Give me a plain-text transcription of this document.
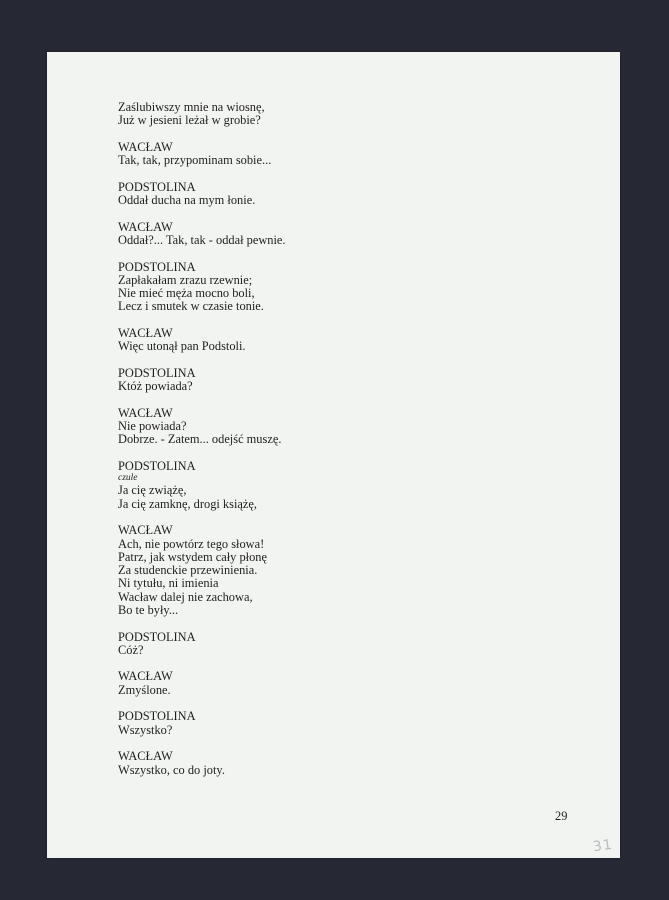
Zaślubiwszy mnie na wiosnę,
Już w jesieni leżał w grobie?
WACŁAW
Tak, tak, przypominam sobie...
PODSTOLINA
Oddał ducha na mym łonie.
WACŁAW
Oddał?... Tak, tak - oddał pewnie.
PODSTOLINA
Zapłakałam zrazu rzewnie;
Nie mieć męża mocno boli,
Lecz i smutek w czasie tonie.
WACŁAW
Więc utonął pan Podstoli.
PODSTOLINA
Któż powiada?
WACŁAW
Nie powiada?
Dobrze. - Zatem... odejść muszę.
PODSTOLINA
czule
Ja cię zwiążę,
Ja cię zamknę, drogi książę,
WACŁAW
Ach, nie powtórz tego słowa!
Patrz, jak wstydem cały płonę
Za studenckie przewinienia.
Ni tytułu, ni imienia
Wacław dalej nie zachowa,
Bo te były...
PODSTOLINA
Cóż?
WACŁAW
Zmyślone.
PODSTOLINA
Wszystko?
WACŁAW
Wszystko, co do joty.
29
31
